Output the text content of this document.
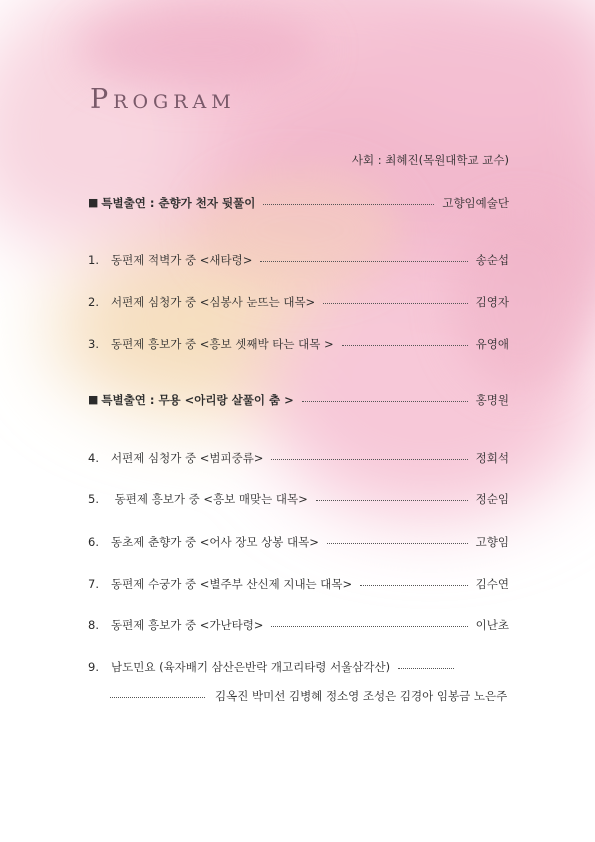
Program
사회 : 최혜진(목원대학교 교수)
■ 특별출연 : 춘향가 천자 뒷풀이	고향임예술단
1.	동편제 적벽가 중 <새타령>	송순섭
2.	서편제 심청가 중 <심봉사 눈뜨는 대목>	김영자
3.	동편제 흥보가 중 <흥보 셋째박 타는 대목 >	유영애
■ 특별출연 : 무용 <아리랑 살풀이 춤 >	홍명원
4.	서편제 심청가 중 <범피중류>	정회석
5.	동편제 흥보가 중 <흥보 매맞는 대목>	정순임
6.	동초제 춘향가 중 <어사 장모 상봉 대목>	고향임
7.	동편제 수궁가 중 <별주부 산신제 지내는 대목>	김수연
8.	동편제 흥보가 중 <가난타령>	이난초
9.	남도민요 (육자배기 삼산은반락 개고리타령 서울삼각산)
김옥진 박미선 김병혜 정소영 조성은 김경아 임봉금 노은주
